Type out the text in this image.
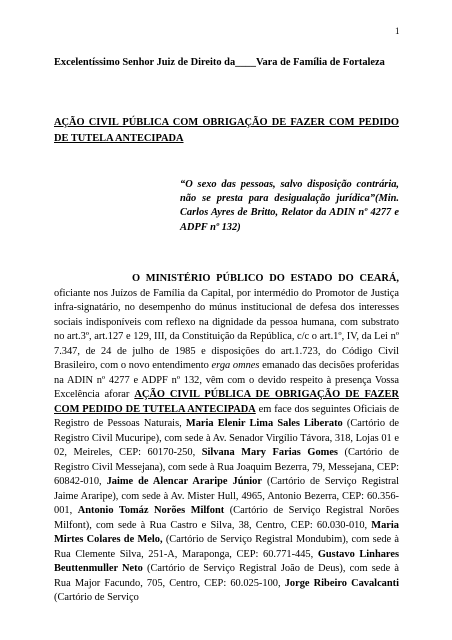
1
Excelentíssimo Senhor Juiz de Direito da____Vara de Família de Fortaleza
AÇÃO CIVIL PÚBLICA COM OBRIGAÇÃO DE FAZER COM PEDIDO DE TUTELA ANTECIPADA
“O sexo das pessoas, salvo disposição contrária, não se presta para desigualação jurídica”(Min. Carlos Ayres de Britto, Relator da ADIN nº 4277 e ADPF nº 132)
O MINISTÉRIO PÚBLICO DO ESTADO DO CEARÁ, oficiante nos Juízos de Família da Capital, por intermédio do Promotor de Justiça infra-signatário, no desempenho do múnus institucional de defesa dos interesses sociais indisponíveis com reflexo na dignidade da pessoa humana, com substrato no art.3º, art.127 e 129, III, da Constituição da República, c/c o art.1º, IV, da Lei nº 7.347, de 24 de julho de 1985 e disposições do art.1.723, do Código Civil Brasileiro, com o novo entendimento erga omnes emanado das decisões proferidas na ADIN nº 4277 e ADPF nº 132, vêm com o devido respeito à presença Vossa Excelência aforar AÇÃO CIVIL PÚBLICA DE OBRIGAÇÃO DE FAZER COM PEDIDO DE TUTELA ANTECIPADA em face dos seguintes Oficiais de Registro de Pessoas Naturais, Maria Elenir Lima Sales Liberato (Cartório de Registro Civil Mucuripe), com sede à Av. Senador Virgílio Távora, 318, Lojas 01 e 02, Meireles, CEP: 60170-250, Silvana Mary Farias Gomes (Cartório de Registro Civil Messejana), com sede à Rua Joaquim Bezerra, 79, Messejana, CEP: 60842-010, Jaime de Alencar Araripe Júnior (Cartório de Serviço Registral Jaime Araripe), com sede à Av. Mister Hull, 4965, Antonio Bezerra, CEP: 60.356-001, Antonio Tomáz Norões Milfont (Cartório de Serviço Registral Norões Milfont), com sede à Rua Castro e Silva, 38, Centro, CEP: 60.030-010, Maria Mirtes Colares de Melo, (Cartório de Serviço Registral Mondubim), com sede à Rua Clemente Silva, 251-A, Maraponga, CEP: 60.771-445, Gustavo Linhares Beuttenmuller Neto (Cartório de Serviço Registral João de Deus), com sede à Rua Major Facundo, 705, Centro, CEP: 60.025-100, Jorge Ribeiro Cavalcanti (Cartório de Serviço
